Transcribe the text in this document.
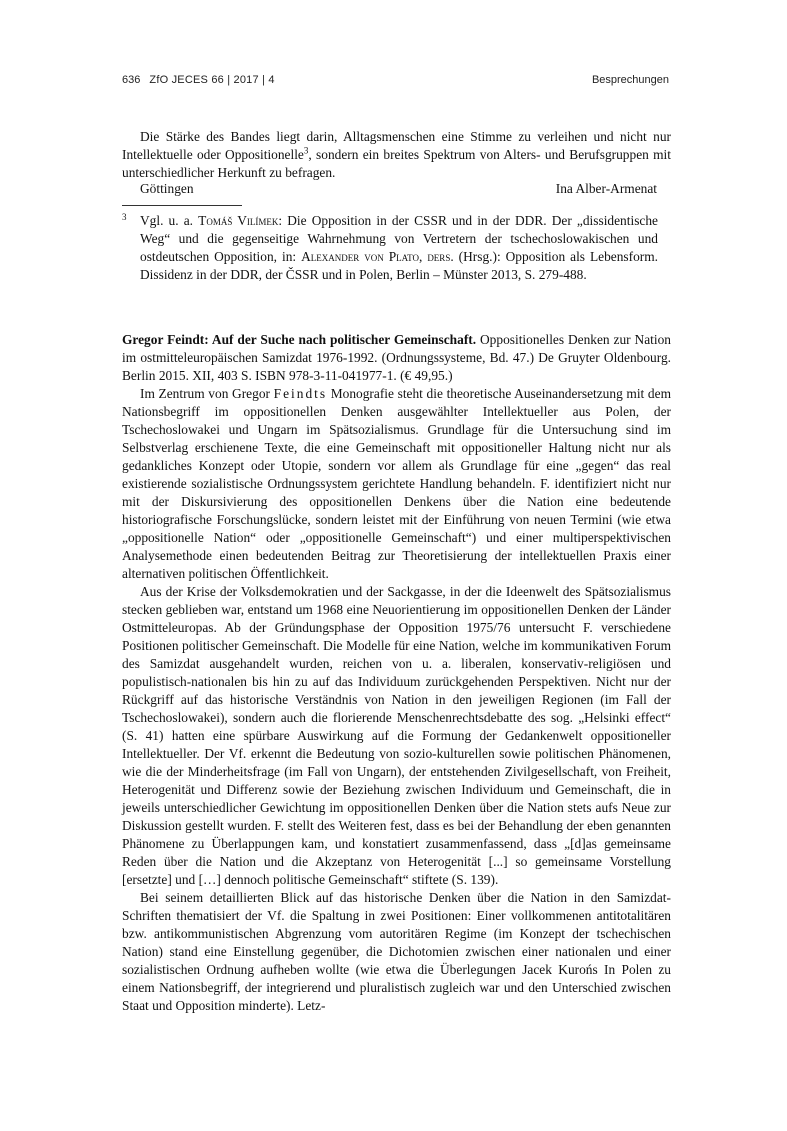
636 ZfO JECES 66 | 2017 | 4	Besprechungen

Die Stärke des Bandes liegt darin, Alltagsmenschen eine Stimme zu verleihen und nicht nur Intellektuelle oder Oppositionelle$^3$, sondern ein breites Spektrum von Alters- und Berufsgruppen mit unterschiedlicher Herkunft zu befragen.

Göttingen	Ina Alber-Armenat
3 Vgl. u. a. Tomáš Vilímek: Die Opposition in der CSSR und in der DDR. Der „dissidentische Weg“ und die gegenseitige Wahrnehmung von Vertretern der tschechoslowakischen und ostdeutschen Opposition, in: Alexander von Plato, ders. (Hrsg.): Opposition als Lebensform. Dissidenz in der DDR, der ČSSR und in Polen, Berlin – Münster 2013, S. 279-488.

Gregor Feindt: Auf der Suche nach politischer Gemeinschaft. Oppositionelles Denken zur Nation im ostmitteleuropäischen Samizdat 1976-1992. (Ordnungssysteme, Bd. 47.) De Gruyter Oldenbourg. Berlin 2015. XII, 403 S. ISBN 978-3-11-041977-1. (€ 49,95.)

Im Zentrum von Gregor Feindts Monografie steht die theoretische Auseinandersetzung mit dem Nationsbegriff im oppositionellen Denken ausgewählter Intellektueller aus Polen, der Tschechoslowakei und Ungarn im Spätsozialismus. Grundlage für die Untersuchung sind im Selbstverlag erschienene Texte, die eine Gemeinschaft mit oppositioneller Haltung nicht nur als gedankliches Konzept oder Utopie, sondern vor allem als Grundlage für eine „gegen“ das real existierende sozialistische Ordnungssystem gerichtete Handlung behandeln. F. identifiziert nicht nur mit der Diskursivierung des oppositionellen Denkens über die Nation eine bedeutende historiografische Forschungslücke, sondern leistet mit der Einführung von neuen Termini (wie etwa „oppositionelle Nation“ oder „oppositionelle Gemeinschaft“) und einer multiperspektivischen Analysemethode einen bedeutenden Beitrag zur Theoretisierung der intellektuellen Praxis einer alternativen politischen Öffentlichkeit.

Aus der Krise der Volksdemokratien und der Sackgasse, in der die Ideenwelt des Spätsozialismus stecken geblieben war, entstand um 1968 eine Neuorientierung im oppositionellen Denken der Länder Ostmitteleuropas. Ab der Gründungsphase der Opposition 1975/76 untersucht F. verschiedene Positionen politischer Gemeinschaft. Die Modelle für eine Nation, welche im kommunikativen Forum des Samizdat ausgehandelt wurden, reichen von u. a. liberalen, konservativ-religiösen und populistisch-nationalen bis hin zu auf das Individuum zurückgehenden Perspektiven. Nicht nur der Rückgriff auf das historische Verständnis von Nation in den jeweiligen Regionen (im Fall der Tschechoslowakei), sondern auch die florierende Menschenrechtsdebatte des sog. „Helsinki effect“ (S. 41) hatten eine spürbare Auswirkung auf die Formung der Gedankenwelt oppositioneller Intellektueller. Der Vf. erkennt die Bedeutung von sozio-kulturellen sowie politischen Phänomenen, wie die der Minderheitsfrage (im Fall von Ungarn), der entstehenden Zivilgesellschaft, von Freiheit, Heterogenität und Differenz sowie der Beziehung zwischen Individuum und Gemeinschaft, die in jeweils unterschiedlicher Gewichtung im oppositionellen Denken über die Nation stets aufs Neue zur Diskussion gestellt wurden. F. stellt des Weiteren fest, dass es bei der Behandlung der eben genannten Phänomene zu Überlappungen kam, und konstatiert zusammenfassend, dass „[d]as gemeinsame Reden über die Nation und die Akzeptanz von Heterogenität [...] so gemeinsame Vorstellung [ersetzte] und […] dennoch politische Gemeinschaft“ stiftete (S. 139).

Bei seinem detaillierten Blick auf das historische Denken über die Nation in den Samizdat-Schriften thematisiert der Vf. die Spaltung in zwei Positionen: Einer vollkommenen antitotalitären bzw. antikommunistischen Abgrenzung vom autoritären Regime (im Konzept der tschechischen Nation) stand eine Einstellung gegenüber, die Dichotomien zwischen einer nationalen und einer sozialistischen Ordnung aufheben wollte (wie etwa die Überlegungen Jacek Kurońs In Polen zu einem Nationsbegriff, der integrierend und pluralistisch zugleich war und den Unterschied zwischen Staat und Opposition minderte). Letz-
